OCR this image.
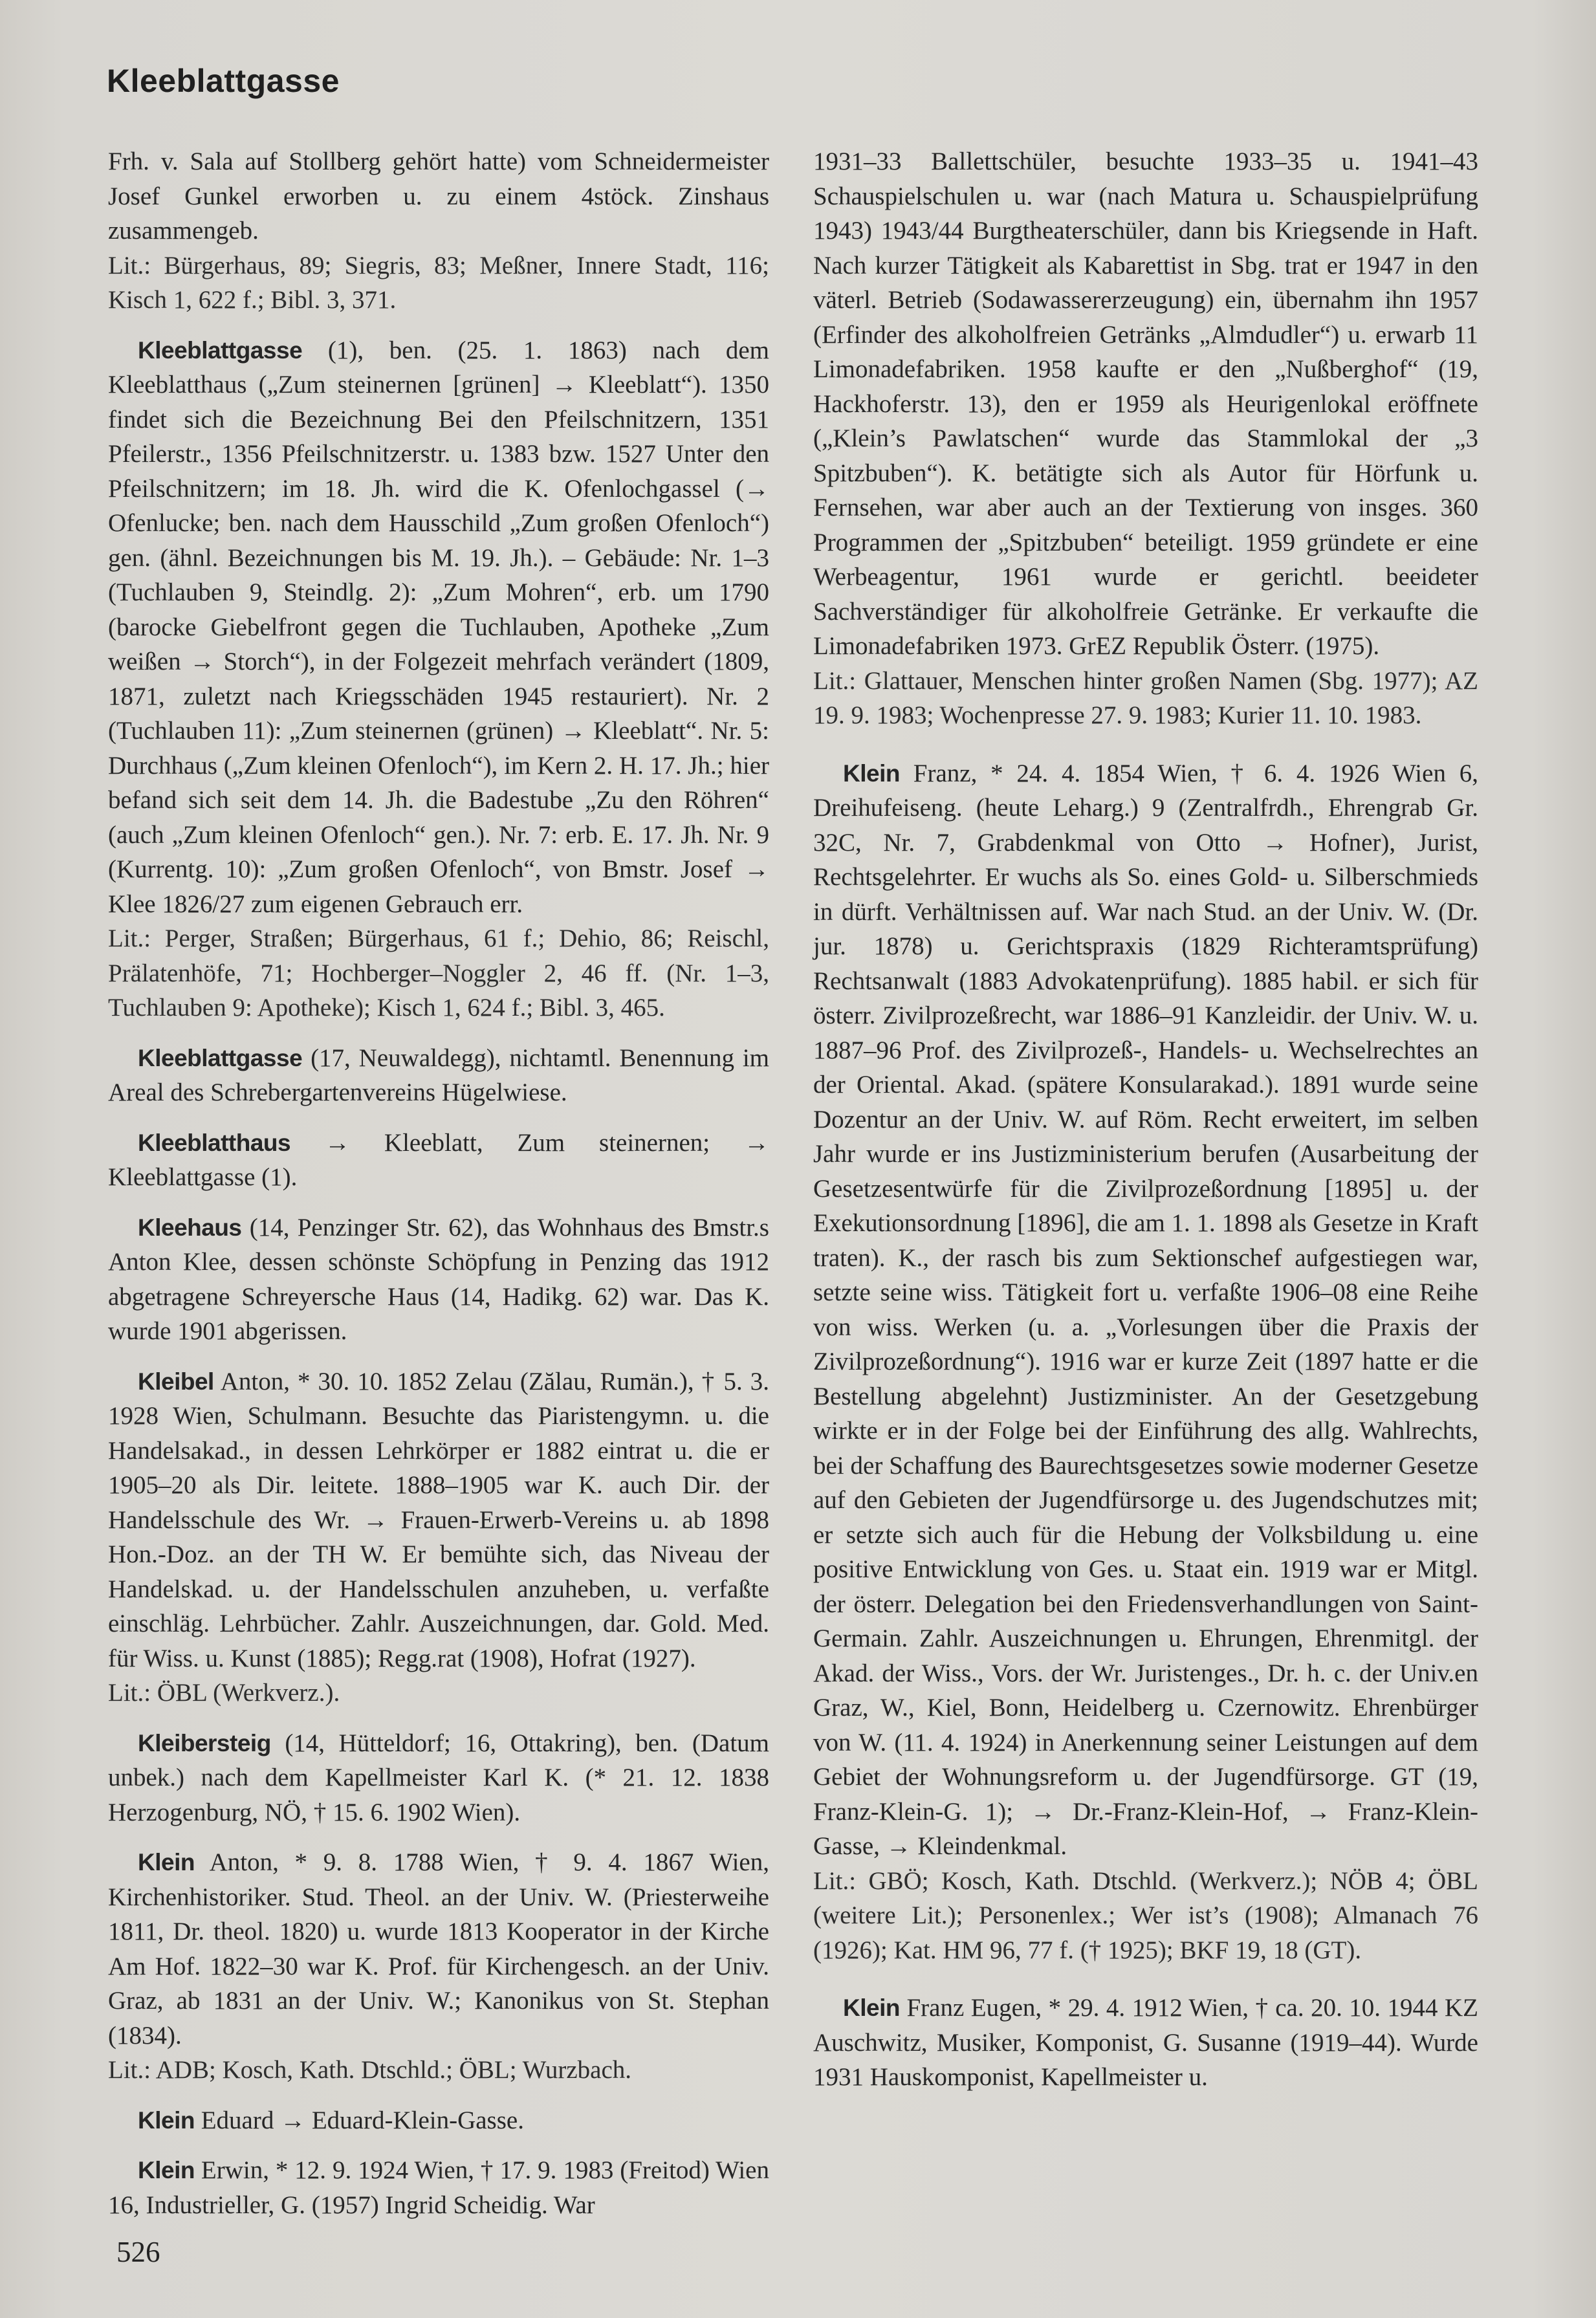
Kleeblattgasse

Frh. v. Sala auf Stollberg gehört hatte) vom Schneidermeister Josef Gunkel erworben u. zu einem 4stöck. Zinshaus zusammengeb.

Lit.: Bürgerhaus, 89; Siegris, 83; Meßner, Innere Stadt, 116; Kisch 1, 622 f.; Bibl. 3, 371.

Kleeblattgasse (1), ben. (25. 1. 1863) nach dem Kleeblatthaus („Zum steinernen [grünen] → Kleeblatt“). 1350 findet sich die Bezeichnung Bei den Pfeilschnitzern, 1351 Pfeilerstr., 1356 Pfeilschnitzerstr. u. 1383 bzw. 1527 Unter den Pfeilschnitzern; im 18. Jh. wird die K. Ofenlochgassel (→ Ofenlucke; ben. nach dem Hausschild „Zum großen Ofenloch“) gen. (ähnl. Bezeichnungen bis M. 19. Jh.). – Gebäude: Nr. 1–3 (Tuchlauben 9, Steindlg. 2): „Zum Mohren“, erb. um 1790 (barocke Giebelfront gegen die Tuchlauben, Apotheke „Zum weißen → Storch“), in der Folgezeit mehrfach verändert (1809, 1871, zuletzt nach Kriegsschäden 1945 restauriert). Nr. 2 (Tuchlauben 11): „Zum steinernen (grünen) → Kleeblatt“. Nr. 5: Durchhaus („Zum kleinen Ofenloch“), im Kern 2. H. 17. Jh.; hier befand sich seit dem 14. Jh. die Badestube „Zu den Röhren“ (auch „Zum kleinen Ofenloch“ gen.). Nr. 7: erb. E. 17. Jh. Nr. 9 (Kurrentg. 10): „Zum großen Ofenloch“, von Bmstr. Josef → Klee 1826/27 zum eigenen Gebrauch err.

Lit.: Perger, Straßen; Bürgerhaus, 61 f.; Dehio, 86; Reischl, Prälatenhöfe, 71; Hochberger–Noggler 2, 46 ff. (Nr. 1–3, Tuchlauben 9: Apotheke); Kisch 1, 624 f.; Bibl. 3, 465.

Kleeblattgasse (17, Neuwaldegg), nichtamtl. Benennung im Areal des Schrebergartenvereins Hügelwiese.

Kleeblatthaus → Kleeblatt, Zum steinernen; → Kleeblattgasse (1).

Kleehaus (14, Penzinger Str. 62), das Wohnhaus des Bmstr.s Anton Klee, dessen schönste Schöpfung in Penzing das 1912 abgetragene Schreyersche Haus (14, Hadikg. 62) war. Das K. wurde 1901 abgerissen.

Kleibel Anton, * 30. 10. 1852 Zelau (Zălau, Rumän.), † 5. 3. 1928 Wien, Schulmann. Besuchte das Piaristengymn. u. die Handelsakad., in dessen Lehrkörper er 1882 eintrat u. die er 1905–20 als Dir. leitete. 1888–1905 war K. auch Dir. der Handelsschule des Wr. → Frauen-Erwerb-Vereins u. ab 1898 Hon.-Doz. an der TH W. Er bemühte sich, das Niveau der Handelskad. u. der Handelsschulen anzuheben, u. verfaßte einschläg. Lehrbücher. Zahlr. Auszeichnungen, dar. Gold. Med. für Wiss. u. Kunst (1885); Regg.rat (1908), Hofrat (1927).

Lit.: ÖBL (Werkverz.).

Kleibersteig (14, Hütteldorf; 16, Ottakring), ben. (Datum unbek.) nach dem Kapellmeister Karl K. (* 21. 12. 1838 Herzogenburg, NÖ, † 15. 6. 1902 Wien).

Klein Anton, * 9. 8. 1788 Wien, † 9. 4. 1867 Wien, Kirchenhistoriker. Stud. Theol. an der Univ. W. (Priesterweihe 1811, Dr. theol. 1820) u. wurde 1813 Kooperator in der Kirche Am Hof. 1822–30 war K. Prof. für Kirchengesch. an der Univ. Graz, ab 1831 an der Univ. W.; Kanonikus von St. Stephan (1834).

Lit.: ADB; Kosch, Kath. Dtschld.; ÖBL; Wurzbach.

Klein Eduard → Eduard-Klein-Gasse.

Klein Erwin, * 12. 9. 1924 Wien, † 17. 9. 1983 (Freitod) Wien 16, Industrieller, G. (1957) Ingrid Scheidig. War

1931–33 Ballettschüler, besuchte 1933–35 u. 1941–43 Schauspielschulen u. war (nach Matura u. Schauspielprüfung 1943) 1943/44 Burgtheaterschüler, dann bis Kriegsende in Haft. Nach kurzer Tätigkeit als Kabarettist in Sbg. trat er 1947 in den väterl. Betrieb (Sodawassererzeugung) ein, übernahm ihn 1957 (Erfinder des alkoholfreien Getränks „Almdudler“) u. erwarb 11 Limonadefabriken. 1958 kaufte er den „Nußberghof“ (19, Hackhoferstr. 13), den er 1959 als Heurigenlokal eröffnete („Klein’s Pawlatschen“ wurde das Stammlokal der „3 Spitzbuben“). K. betätigte sich als Autor für Hörfunk u. Fernsehen, war aber auch an der Textierung von insges. 360 Programmen der „Spitzbuben“ beteiligt. 1959 gründete er eine Werbeagentur, 1961 wurde er gerichtl. beeideter Sachverständiger für alkoholfreie Getränke. Er verkaufte die Limonadefabriken 1973. GrEZ Republik Österr. (1975).

Lit.: Glattauer, Menschen hinter großen Namen (Sbg. 1977); AZ 19. 9. 1983; Wochenpresse 27. 9. 1983; Kurier 11. 10. 1983.

Klein Franz, * 24. 4. 1854 Wien, † 6. 4. 1926 Wien 6, Dreihufeiseng. (heute Leharg.) 9 (Zentralfrdh., Ehrengrab Gr. 32C, Nr. 7, Grabdenkmal von Otto → Hofner), Jurist, Rechtsgelehrter. Er wuchs als So. eines Gold- u. Silberschmieds in dürft. Verhältnissen auf. War nach Stud. an der Univ. W. (Dr. jur. 1878) u. Gerichtspraxis (1829 Richteramtsprüfung) Rechtsanwalt (1883 Advokatenprüfung). 1885 habil. er sich für österr. Zivilprozeßrecht, war 1886–91 Kanzleidir. der Univ. W. u. 1887–96 Prof. des Zivilprozeß-, Handels- u. Wechselrechtes an der Oriental. Akad. (spätere Konsularakad.). 1891 wurde seine Dozentur an der Univ. W. auf Röm. Recht erweitert, im selben Jahr wurde er ins Justizministerium berufen (Ausarbeitung der Gesetzesentwürfe für die Zivilprozeßordnung [1895] u. der Exekutionsordnung [1896], die am 1. 1. 1898 als Gesetze in Kraft traten). K., der rasch bis zum Sektionschef aufgestiegen war, setzte seine wiss. Tätigkeit fort u. verfaßte 1906–08 eine Reihe von wiss. Werken (u. a. „Vorlesungen über die Praxis der Zivilprozeßordnung“). 1916 war er kurze Zeit (1897 hatte er die Bestellung abgelehnt) Justizminister. An der Gesetzgebung wirkte er in der Folge bei der Einführung des allg. Wahlrechts, bei der Schaffung des Baurechtsgesetzes sowie moderner Gesetze auf den Gebieten der Jugendfürsorge u. des Jugendschutzes mit; er setzte sich auch für die Hebung der Volksbildung u. eine positive Entwicklung von Ges. u. Staat ein. 1919 war er Mitgl. der österr. Delegation bei den Friedensverhandlungen von Saint-Germain. Zahlr. Auszeichnungen u. Ehrungen, Ehrenmitgl. der Akad. der Wiss., Vors. der Wr. Juristenges., Dr. h. c. der Univ.en Graz, W., Kiel, Bonn, Heidelberg u. Czernowitz. Ehrenbürger von W. (11. 4. 1924) in Anerkennung seiner Leistungen auf dem Gebiet der Wohnungsreform u. der Jugendfürsorge. GT (19, Franz-Klein-G. 1); → Dr.-Franz-Klein-Hof, → Franz-Klein-Gasse, → Kleindenkmal.

Lit.: GBÖ; Kosch, Kath. Dtschld. (Werkverz.); NÖB 4; ÖBL (weitere Lit.); Personenlex.; Wer ist’s (1908); Almanach 76 (1926); Kat. HM 96, 77 f. († 1925); BKF 19, 18 (GT).

Klein Franz Eugen, * 29. 4. 1912 Wien, † ca. 20. 10. 1944 KZ Auschwitz, Musiker, Komponist, G. Susanne (1919–44). Wurde 1931 Hauskomponist, Kapellmeister u.

526
